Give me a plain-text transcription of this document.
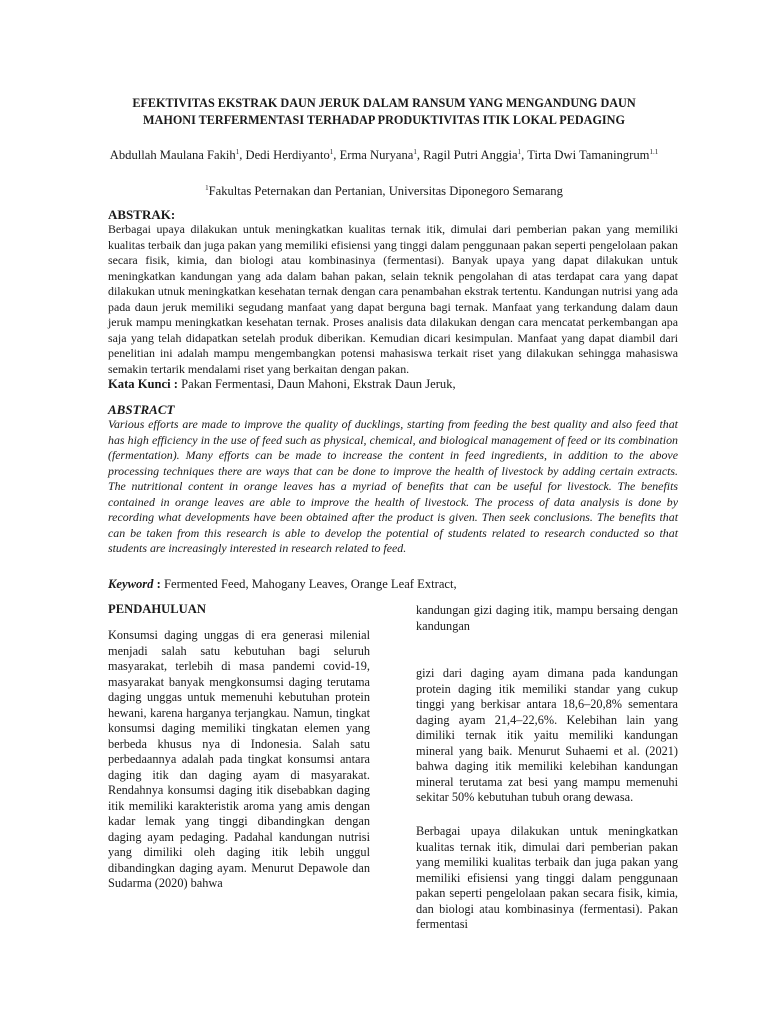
EFEKTIVITAS EKSTRAK DAUN JERUK DALAM RANSUM YANG MENGANDUNG DAUN MAHONI TERFERMENTASI TERHADAP PRODUKTIVITAS ITIK LOKAL PEDAGING

Abdullah Maulana Fakih$^1$, Dedi Herdiyanto$^1$, Erma Nuryana$^1$, Ragil Putri Anggia$^1$, Tirta Dwi Tamaningrum$^{1.1}$

$^1$Fakultas Peternakan dan Pertanian, Universitas Diponegoro Semarang

ABSTRAK:

Berbagai upaya dilakukan untuk meningkatkan kualitas ternak itik, dimulai dari pemberian pakan yang memiliki kualitas terbaik dan juga pakan yang memiliki efisiensi yang tinggi dalam penggunaan pakan seperti pengelolaan pakan secara fisik, kimia, dan biologi atau kombinasinya (fermentasi). Banyak upaya yang dapat dilakukan untuk meningkatkan kandungan yang ada dalam bahan pakan, selain teknik pengolahan di atas terdapat cara yang dapat dilakukan utnuk meningkatkan kesehatan ternak dengan cara penambahan ekstrak tertentu. Kandungan nutrisi yang ada pada daun jeruk memiliki segudang manfaat yang dapat berguna bagi ternak. Manfaat yang terkandung dalam daun jeruk mampu meningkatkan kesehatan ternak. Proses analisis data dilakukan dengan cara mencatat perkembangan apa saja yang telah didapatkan setelah produk diberikan. Kemudian dicari kesimpulan. Manfaat yang dapat diambil dari penelitian ini adalah mampu mengembangkan potensi mahasiswa terkait riset yang dilakukan sehingga mahasiswa semakin tertarik mendalami riset yang berkaitan dengan pakan.

Kata Kunci : Pakan Fermentasi, Daun Mahoni, Ekstrak Daun Jeruk,

ABSTRACT

Various efforts are made to improve the quality of ducklings, starting from feeding the best quality and also feed that has high efficiency in the use of feed such as physical, chemical, and biological management of feed or its combination (fermentation). Many efforts can be made to increase the content in feed ingredients, in addition to the above processing techniques there are ways that can be done to improve the health of livestock by adding certain extracts. The nutritional content in orange leaves has a myriad of benefits that can be useful for livestock. The benefits contained in orange leaves are able to improve the health of livestock. The process of data analysis is done by recording what developments have been obtained after the product is given. Then seek conclusions. The benefits that can be taken from this research is able to develop the potential of students related to research conducted so that students are increasingly interested in research related to feed.

Keyword : Fermented Feed, Mahogany Leaves, Orange Leaf Extract,

PENDAHULUAN

Konsumsi daging unggas di era generasi milenial menjadi salah satu kebutuhan bagi seluruh masyarakat, terlebih di masa pandemi covid-19, masyarakat banyak mengkonsumsi daging terutama daging unggas untuk memenuhi kebutuhan protein hewani, karena harganya terjangkau. Namun, tingkat konsumsi daging memiliki tingkatan elemen yang berbeda khusus nya di Indonesia. Salah satu perbedaannya adalah pada tingkat konsumsi antara daging itik dan daging ayam di masyarakat. Rendahnya konsumsi daging itik disebabkan daging itik memiliki karakteristik aroma yang amis dengan kadar lemak yang tinggi dibandingkan dengan daging ayam pedaging. Padahal kandungan nutrisi yang dimiliki oleh daging itik lebih unggul dibandingkan daging ayam. Menurut Depawole dan Sudarma (2020) bahwa

kandungan gizi daging itik, mampu bersaing dengan kandungan

gizi dari daging ayam dimana pada kandungan protein daging itik memiliki standar yang cukup tinggi yang berkisar antara 18,6–20,8% sementara daging ayam 21,4–22,6%. Kelebihan lain yang dimiliki ternak itik yaitu memiliki kandungan mineral yang baik. Menurut Suhaemi et al. (2021) bahwa daging itik memiliki kelebihan kandungan mineral terutama zat besi yang mampu memenuhi sekitar 50% kebutuhan tubuh orang dewasa.

Berbagai upaya dilakukan untuk meningkatkan kualitas ternak itik, dimulai dari pemberian pakan yang memiliki kualitas terbaik dan juga pakan yang memiliki efisiensi yang tinggi dalam penggunaan pakan seperti pengelolaan pakan secara fisik, kimia, dan biologi atau kombinasinya (fermentasi). Pakan fermentasi
